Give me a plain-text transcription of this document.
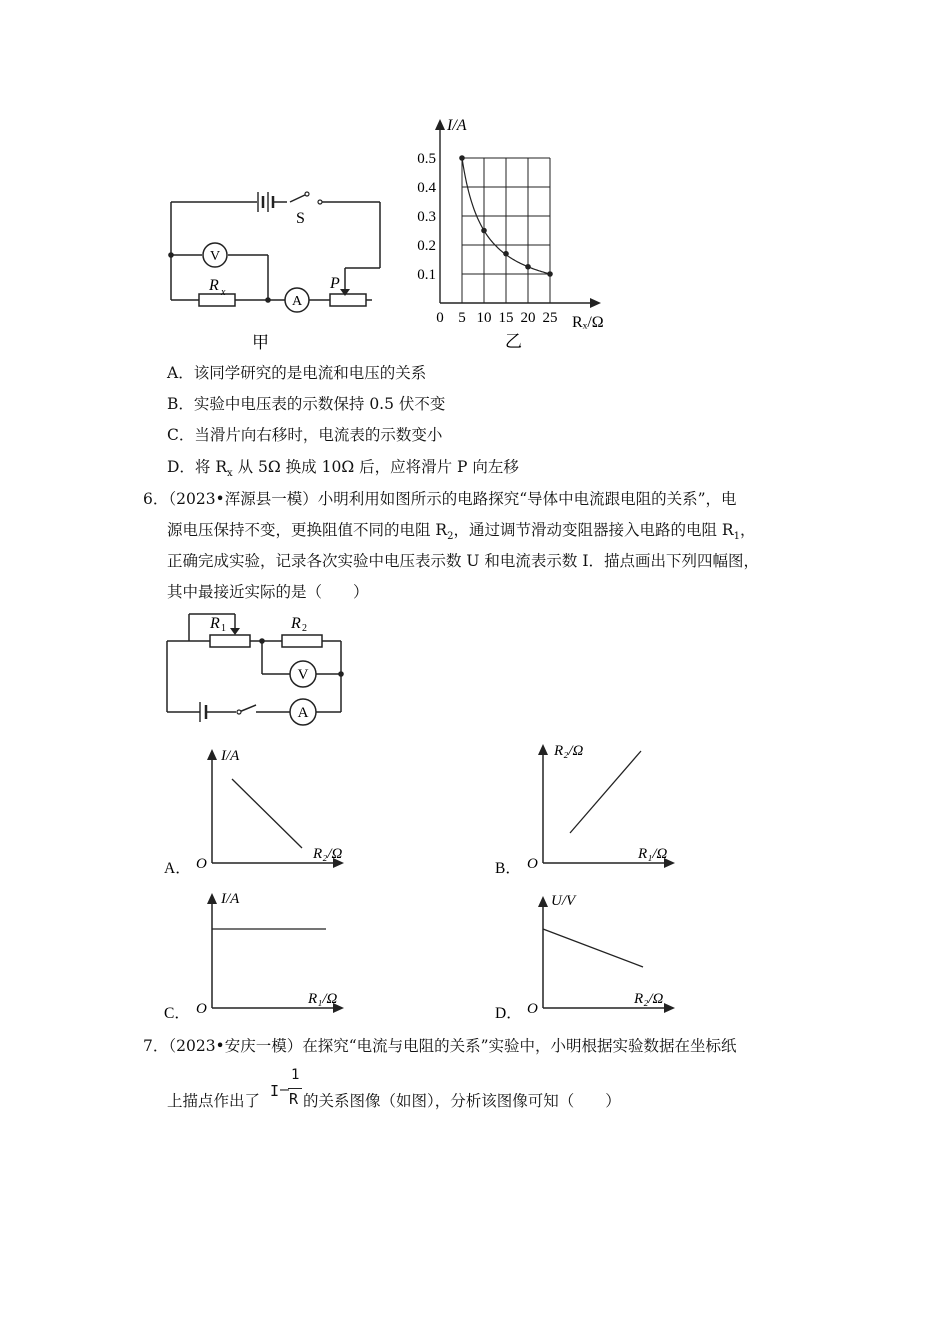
S
V
A
R x
P
甲
0.5
0.4
0.3
0.2
0.1
0 5 10 15 20 25
I/A
Rₓ/Ω
乙
A．该同学研究的是电流和电压的关系
B．实验中电压表的示数保持 0.5 伏不变
C．当滑片向右移时，电流表的示数变小
D．将 $R_x$ 从 5Ω 换成 10Ω 后，应将滑片 P 向左移
6．（2023•浑源县一模）小明利用如图所示的电路探究“导体中电流跟电阻的关系”，电
源电压保持不变，更换阻值不同的电阻 $R_2$，通过调节滑动变阻器接入电路的电阻 $R_1$，
正确完成实验，记录各次实验中电压表示数 U 和电流表示数 I．描点画出下列四幅图，
其中最接近实际的是（　　）
R 1	R 2
V
A
A． O
I/A
R₂/Ω
B． O
R₂/Ω
R₁/Ω
C． O
I/A
R₁/Ω
D． O
U/V
R₂/Ω
7．（2023•安庆一模）在探究“电流与电阻的关系”实验中，小明根据实验数据在坐标纸
上描点作出了
I –
1
R 的关系图像（如图），分析该图像可知（　　）
